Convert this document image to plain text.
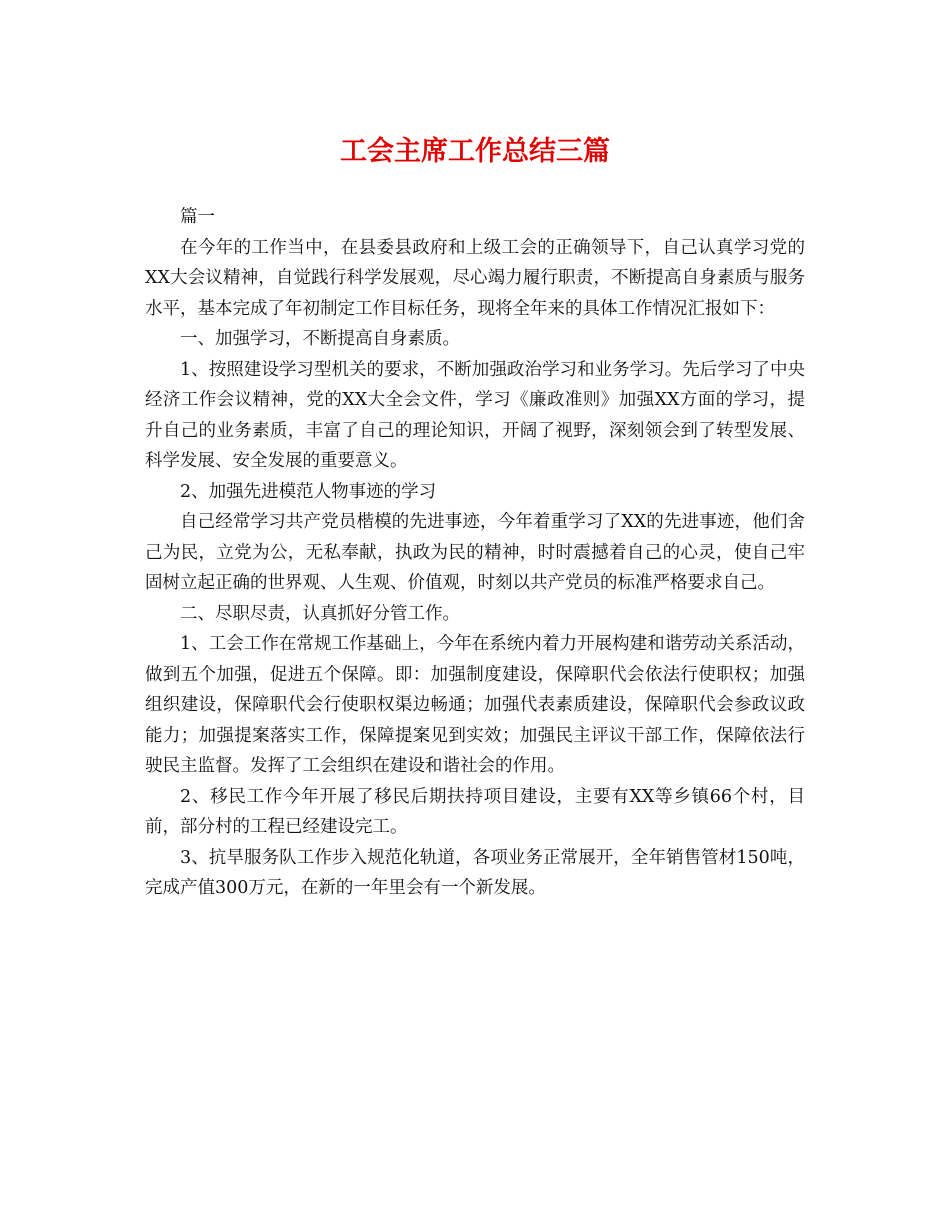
工会主席工作总结三篇

篇一

在今年的工作当中，在县委县政府和上级工会的正确领导下，自己认真学习党的XX大会议精神，自觉践行科学发展观，尽心竭力履行职责，不断提高自身素质与服务水平，基本完成了年初制定工作目标任务，现将全年来的具体工作情况汇报如下：

一、加强学习，不断提高自身素质。

1、按照建设学习型机关的要求，不断加强政治学习和业务学习。先后学习了中央经济工作会议精神，党的XX大全会文件，学习《廉政准则》加强XX方面的学习，提升自己的业务素质，丰富了自己的理论知识，开阔了视野，深刻领会到了转型发展、科学发展、安全发展的重要意义。

2、加强先进模范人物事迹的学习

自己经常学习共产党员楷模的先进事迹，今年着重学习了XX的先进事迹，他们舍己为民，立党为公，无私奉献，执政为民的精神，时时震撼着自己的心灵，使自己牢固树立起正确的世界观、人生观、价值观，时刻以共产党员的标准严格要求自己。

二、尽职尽责，认真抓好分管工作。

1、工会工作在常规工作基础上，今年在系统内着力开展构建和谐劳动关系活动，做到五个加强，促进五个保障。即：加强制度建设，保障职代会依法行使职权；加强组织建设，保障职代会行使职权渠边畅通；加强代表素质建设，保障职代会参政议政能力；加强提案落实工作，保障提案见到实效；加强民主评议干部工作，保障依法行驶民主监督。发挥了工会组织在建设和谐社会的作用。

2、移民工作今年开展了移民后期扶持项目建设，主要有XX等乡镇66个村，目前，部分村的工程已经建设完工。

3、抗旱服务队工作步入规范化轨道，各项业务正常展开，全年销售管材150吨，完成产值300万元，在新的一年里会有一个新发展。
